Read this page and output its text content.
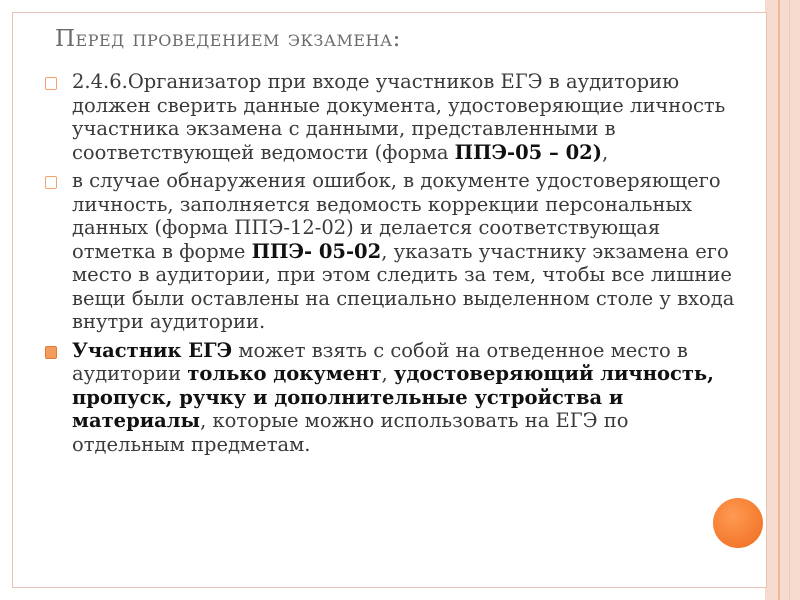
Перед проведением экзамена:
2.4.6.Организатор при входе участников ЕГЭ в аудиторию должен сверить данные документа, удостоверяющие личность участника экзамена с данными, представленными в соответствующей ведомости (форма ППЭ-05 – 02),
в случае обнаружения ошибок, в документе удостоверяющего личность, заполняется ведомость коррекции персональных данных (форма ППЭ-12-02) и делается соответствующая отметка в форме ППЭ- 05-02, указать участнику экзамена его место в аудитории, при этом следить за тем, чтобы все лишние вещи были оставлены на специально выделенном столе у входа внутри аудитории.
Участник ЕГЭ может взять с собой на отведенное место в аудитории только документ, удостоверяющий личность, пропуск, ручку и дополнительные устройства и материалы, которые можно использовать на ЕГЭ по отдельным предметам.
